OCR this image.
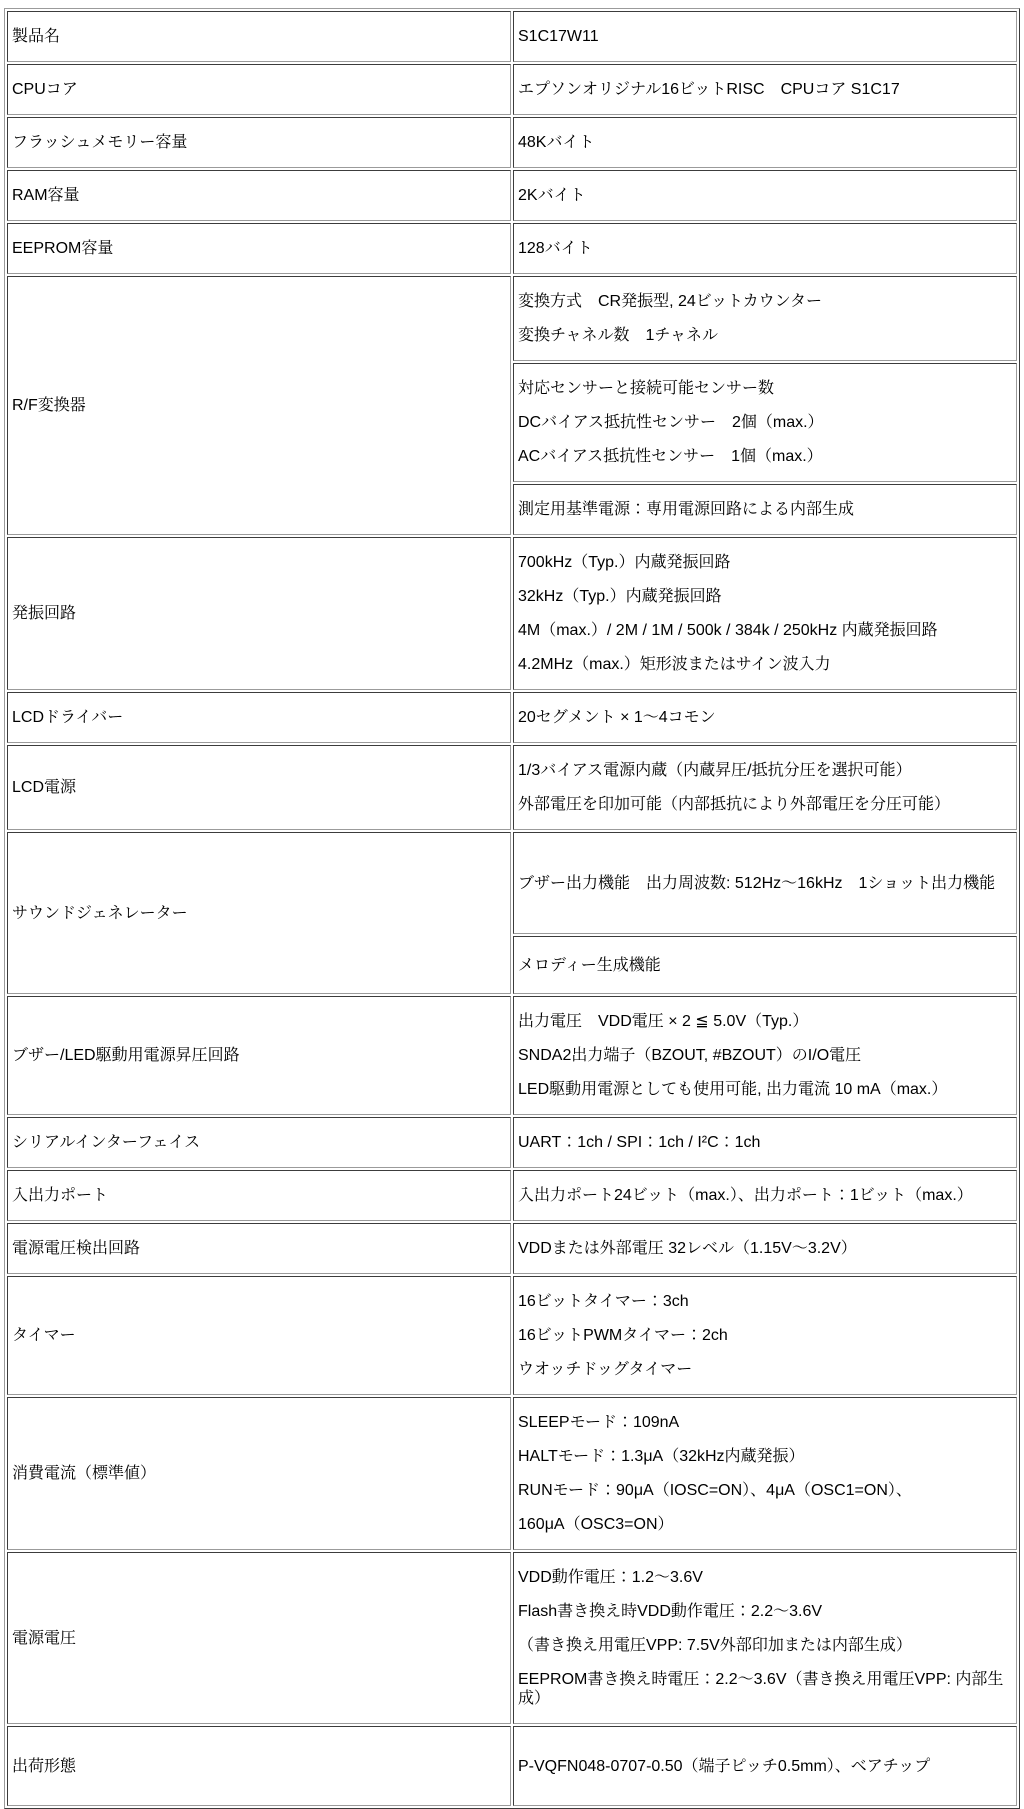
製品名	S1C17W11

CPUコア	エプソンオリジナル16ビットRISC　CPUコア S1C17

フラッシュメモリー容量	48Kバイト

RAM容量	2Kバイト

EEPROM容量	128バイト

R/F変換器	変換方式　CR発振型, 24ビットカウンター

変換チャネル数　1チャネル

	対応センサーと接続可能センサー数

DCバイアス抵抗性センサー　2個（max.）

ACバイアス抵抗性センサー　1個（max.）

	測定用基準電源：専用電源回路による内部生成

発振回路	700kHz（Typ.）内蔵発振回路

32kHz（Typ.）内蔵発振回路

4M（max.）/ 2M / 1M / 500k / 384k / 250kHz 内蔵発振回路

4.2MHz（max.）矩形波またはサイン波入力

LCDドライバー	20セグメント × 1～4コモン

LCD電源	1/3バイアス電源内蔵（内蔵昇圧/抵抗分圧を選択可能）

外部電圧を印加可能（内部抵抗により外部電圧を分圧可能）

サウンドジェネレーター	ブザー出力機能　出力周波数: 512Hz～16kHz　1ショット出力機能

	メロディー生成機能

ブザー/LED駆動用電源昇圧回路	出力電圧　VDD電圧 × 2 ≦ 5.0V（Typ.）

SNDA2出力端子（BZOUT, #BZOUT）のI/O電圧

LED駆動用電源としても使用可能, 出力電流 10 mA（max.）

シリアルインターフェイス	UART：1ch / SPI：1ch / I²C：1ch

入出力ポート	入出力ポート24ビット（max.）、出力ポート：1ビット（max.）

電源電圧検出回路	VDDまたは外部電圧 32レベル（1.15V～3.2V）

タイマー	16ビットタイマー：3ch

16ビットPWMタイマー：2ch

ウオッチドッグタイマー

消費電流（標準値）	SLEEPモード：109nA

HALTモード：1.3μA（32kHz内蔵発振）

RUNモード：90μA（IOSC=ON）、4μA（OSC1=ON）、

160μA（OSC3=ON）

電源電圧	VDD動作電圧：1.2～3.6V

Flash書き換え時VDD動作電圧：2.2～3.6V

（書き換え用電圧VPP: 7.5V外部印加または内部生成）

EEPROM書き換え時電圧：2.2～3.6V（書き換え用電圧VPP: 内部生成）

出荷形態	P-VQFN048-0707-0.50（端子ピッチ0.5mm）、ベアチップ
